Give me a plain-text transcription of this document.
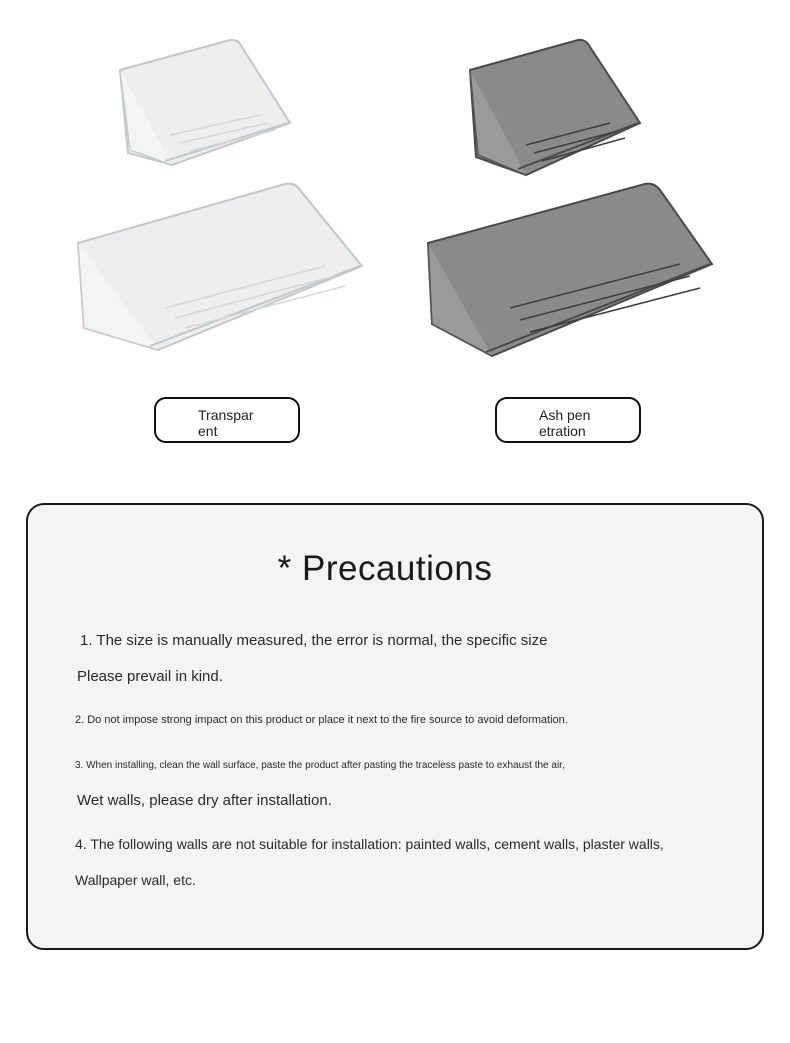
Transpar
ent
Ash pen
etration
* Precautions
1. The size is manually measured, the error is normal, the specific size
Please prevail in kind.
2. Do not impose strong impact on this product or place it next to the fire source to avoid deformation.
3. When installing, clean the wall surface, paste the product after pasting the traceless paste to exhaust the air,
Wet walls, please dry after installation.
4. The following walls are not suitable for installation: painted walls, cement walls, plaster walls,
Wallpaper wall, etc.
